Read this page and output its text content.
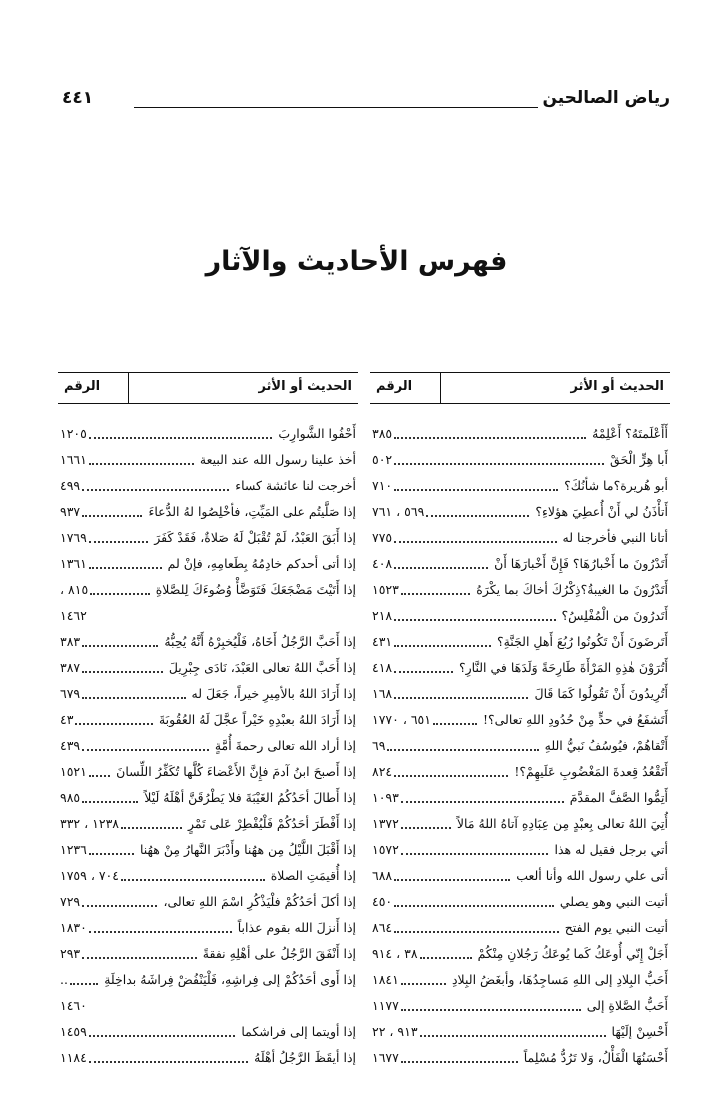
رياض الصالحين
٤٤١
فهرس الأحاديث والآثار
الحديث أو الأثر
الرقم
أَأَعْلَمتَهُ؟ أَعْلِمْهُ
٣٨٥
أَبا هِرٍّ الْحَقْ
٥٠٢
أبو هُريرة؟ما شأنُكَ؟
٧١٠
أَتأْذَنُ لي أَنْ أُعطِيَ هؤلاءِ؟
٥٦٩ ، ٧٦١
أتانا النبي فأخرجنا له
٧٧٥
أَتَدْرُونَ ما أَخْبارُهَا؟ فَإِنَّ أَخْبارَهَا أَنْ
٤٠٨
أَتَدْرُونَ ما الغيبةُ؟ذِكْرُكَ أخاكَ بما يكْرَهُ
١٥٢٣
أَتَدرُونَ من الْمُفْلِسُ؟
٢١٨
أَتَرضَونَ أَنْ تَكُونُوا رُبُعَ أَهلِ الجَنَّةِ؟
٤٣١
أَتُرَوْنَ هٰذِهِ المَرْأَةَ طَارِحَةً وَلَدَهَا في النَّارِ؟
٤١٨
أَتُرِيدُونَ أَنْ تَقُولُوا كَمَا قَالَ
١٦٨
أَتَشفَعُ في حدٍّ مِنْ حُدُودِ اللهِ تعالى؟!
٦٥١ ، ١٧٧٠
أَتْقاهُمْ، فيُوسُفُ نَبيُّ اللهِ
٦٩
أَتَقْعُدُ قِعدةَ المَغْضُوبِ عَلَيهِمْ؟!
٨٢٤
أَتِمُّوا الصَّفَّ المقدَّمَ
١٠٩٣
أُتِيَ اللهُ تعالى بِعبْدٍ مِن عِبَادِهِ آتاهُ اللهُ مَالاً
١٣٧٢
أتي برجل فقيل له هذا
١٥٧٢
أتى علي رسول الله وأنا ألعب
٦٨٨
أتيت النبي وهو يصلي
٤٥٠
أتيت النبي يوم الفتح
٨٦٤
أَجَلْ إِنّي أُوعَكُ كَما يُوعَكُ رَجُلانِ مِنْكُمْ
٣٨ ، ٩١٤
أَحَبُّ البِلادِ إلى اللهِ مَساجِدُهَا، وأبغَضُ البِلادِ
١٨٤١
أَحَبُّ الصَّلاةِ إلى
١١٧٧
أَحْسِنْ إلَيْهَا
٩١٣ ، ٢٢
أَحْسَنُهَا الْفَأْلُ، وَلا تَرُدُّ مُسْلِماً
١٦٧٧
الحديث أو الأثر
الرقم
أَحْفُوا الشَّوارِبَ
١٢٠٥
أخذ علينا رسول الله عند البيعة
١٦٦١
أخرجت لنا عائشة كساء
٤٩٩
إذا صَلَّيتُم على المَيِّتِ، فأخْلِصُوا لهُ الدُّعاءَ
٩٣٧
إذا أَبَقَ العَبْدُ، لَمْ تُقْبَلْ لَهُ صَلاةٌ، فَقَدْ كَفَرَ
١٧٦٩
إذا أتى أحدكم خادِمُهُ بِطَعامِهِ، فإنْ لم
١٣٦١
إذا أَتَيْتَ مَضْجَعَكَ فَتَوَضَّأْ وُضُوءَكَ لِلصَّلاةِ
٨١٥ ،
١٤٦٢
إذا أَحَبَّ الرَّجُلُ أَخَاهُ، فَلْيُخبِرْهُ أَنَّهُ يُحِبُّهُ
٣٨٣
إذا أَحَبَّ اللهُ تعالى العَبْدَ، نَادَى جِبْرِيلَ
٣٨٧
إذا أَرَادَ اللهُ بالأمِيرِ خيراً، جَعَلَ له
٦٧٩
إذا أَرَادَ اللهُ بعبْدِهِ خَيْراً عجَّلَ لَهُ العُقُوبَةَ
٤٣
إذا أراد الله تعالى رحمةَ أُمَّةٍ
٤٣٩
إذا أَصبحَ ابنُ آدمَ فإِنَّ الأَعْضاءَ كُلَّها تُكَفِّرُ اللِّسانَ
١٥٢١
إذا أَطالَ أحَدُكُمُ الغَيْبَةَ فلا يَطْرُقَنَّ أهْلَهُ لَيْلاً
٩٨٥
إذا أَفْطَرَ أحَدُكُمْ فَلْيُفْطِرْ عَلى تَمْرٍ
١٢٣٨ ، ٣٣٢
إذا أَقْبَلَ اللَّيْلُ مِن ههُنا وأَدْبَرَ النَّهارُ مِنْ ههُنا
١٢٣٦
إذا أُقيمَتِ الصلاة
٧٠٤ ، ١٧٥٩
إذا أكلَ أحَدُكُمْ فلْيَذْكُرِ اسْمَ اللهِ تعالى،
٧٢٩
إذا أَنزلَ الله بقوم عذاباً
١٨٣٠
إذا أَنْفَقَ الرَّجُلُ على أهْلِهِ نفقةً
٢٩٣
إذا أَوى أحَدُكُمْ إلى فِراشِهِ، فَلْيَنْفُضْ فِراشَهُ بداخِلَةِ
..
١٤٦٠
إذا أويتما إلى فراشكما
١٤٥٩
إذا أيقَظَ الرَّجُلُ أهْلَهُ
١١٨٤
